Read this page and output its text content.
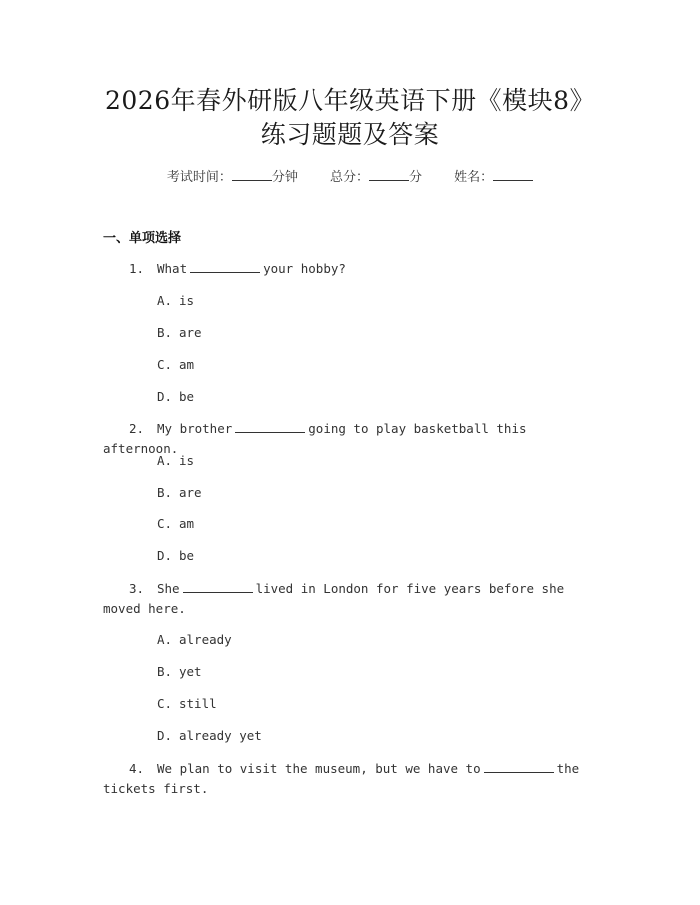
2026年春外研版八年级英语下册《模块8》
练习题题及答案
考试时间：	分钟 总分：	分 姓名：
一、单项选择
1. What	your hobby?
A. is
B. are
C. am
D. be
2. My brother	going to play basketball this afternoon.
A. is
B. are
C. am
D. be
3. She	lived in London for five years before she moved here.
A. already
B. yet
C. still
D. already yet
4. We plan to visit the museum, but we have to	the tickets first.
